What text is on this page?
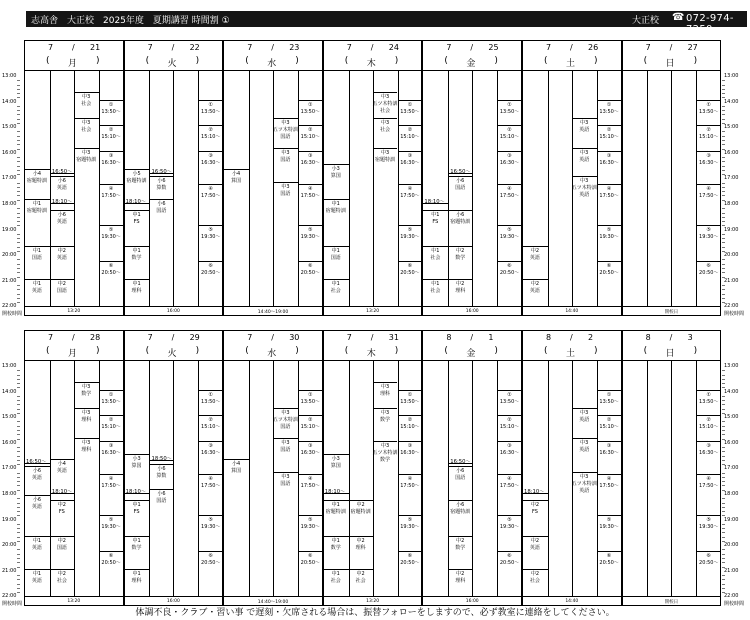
志高舎　大正校　2025年度　夏期講習 時間割 ①	大正校 ☎ 072-974-7250
13:00
14:00
15:00
16:00
17:00
18:00
19:00
20:00
21:00
22:00
開校時間
13:00
14:00
15:00
16:00
17:00
18:00
19:00
20:00
21:00
22:00
開校時間
7 / 21
( 月 )
13:20
小4
宿題特訓
中1
宿題特訓
中1
国語
中1
英語
16:50〜
小6
英語
18:10〜
小6
英語
中2
英語
中2
国語
中3
社会
中3
社会
中3
宿題特訓
①
13:50〜
②
15:10〜
③
16:30〜
④
17:50〜
⑤
19:30〜
⑥
20:50〜
7 / 22
( 火 )
16:00
小5
宿題特訓
18:10〜
中1
FS
中1
数学
中1
理科
16:50〜
小6
算数
小6
国語
①
13:50〜
②
15:10〜
③
16:30〜
④
17:50〜
⑤
19:30〜
⑥
20:50〜
7 / 23
( 水 )
14:40〜19:00
小4
算国
中3
五ツ木特訓
国語
中3
国語
中3
国語
①
13:50〜
②
15:10〜
③
16:30〜
④
17:50〜
⑤
19:30〜
⑥
20:50〜
7 / 24
( 木 )
13:20
小3
算国
中1
宿題特訓
中1
国語
中1
社会
中3
五ツ木特訓
社会
中3
社会
中3
宿題特訓
①
13:50〜
②
15:10〜
③
16:30〜
④
17:50〜
⑤
19:30〜
⑥
20:50〜
7 / 25
( 金 )
16:00
18:10〜
中1
FS
中1
社会
中1
社会
16:50〜
小6
国語
小6
宿題特訓
中2
数学
中2
理科
①
13:50〜
②
15:10〜
③
16:30〜
④
17:50〜
⑤
19:30〜
⑥
20:50〜
7 / 26
( 土 )
14:40
中2
英語
中2
英語
中3
英語
中3
英語
中3
五ツ木特訓
英語
①
13:50〜
②
15:10〜
③
16:30〜
④
17:50〜
⑤
19:30〜
⑥
20:50〜
7 / 27
( 日 )
閉校日
①
13:50〜
②
15:10〜
③
16:30〜
④
17:50〜
⑤
19:30〜
⑥
20:50〜
13:00
14:00
15:00
16:00
17:00
18:00
19:00
20:00
21:00
22:00
開校時間
13:00
14:00
15:00
16:00
17:00
18:00
19:00
20:00
21:00
22:00
開校時間
7 / 28
( 月 )
13:20
16:50〜
小6
英語
小6
英語
中1
英語
中1
英語
小4
英語
18:10〜
中2
FS
中2
国語
中2
社会
中3
数学
中3
理科
中3
理科
①
13:50〜
②
15:10〜
③
16:30〜
④
17:50〜
⑤
19:30〜
⑥
20:50〜
7 / 29
( 火 )
16:00
小3
算国
18:10〜
中1
FS
中1
数学
中1
理科
18:50〜
小6
算数
小6
国語
①
13:50〜
②
15:10〜
③
16:30〜
④
17:50〜
⑤
19:30〜
⑥
20:50〜
7 / 30
( 水 )
14:40〜19:00
小4
算国
中3
五ツ木特訓
国語
中3
国語
中3
国語
①
13:50〜
②
15:10〜
③
16:30〜
④
17:50〜
⑤
19:30〜
⑥
20:50〜
7 / 31
( 木 )
13:20
小3
算国
18:10〜
中1
宿題特訓
中1
数学
中1
社会
中2
宿題特訓
中2
理科
中2
社会
中3
理科
中3
数学
中3
五ツ木特訓
数学
①
13:50〜
②
15:10〜
③
16:30〜
④
17:50〜
⑤
19:30〜
⑥
20:50〜
8 / 1
( 金 )
16:00
16:50〜
小6
国語
小6
宿題特訓
中2
数学
中2
理科
①
13:50〜
②
15:10〜
③
16:30〜
④
17:50〜
⑤
19:30〜
⑥
20:50〜
8 / 2
( 土 )
14:40
18:10〜
中2
FS
中2
英語
中2
社会
中3
英語
中3
英語
中3
五ツ木特訓
英語
①
13:50〜
②
15:10〜
③
16:30〜
④
17:50〜
⑤
19:30〜
⑥
20:50〜
8 / 3
( 日 )
閉校日
①
13:50〜
②
15:10〜
③
16:30〜
④
17:50〜
⑤
19:30〜
⑥
20:50〜
体調不良・クラブ・習い事 で遅刻・欠席される場合は、振替フォローをしますので、必ず教室に連絡をしてください。
